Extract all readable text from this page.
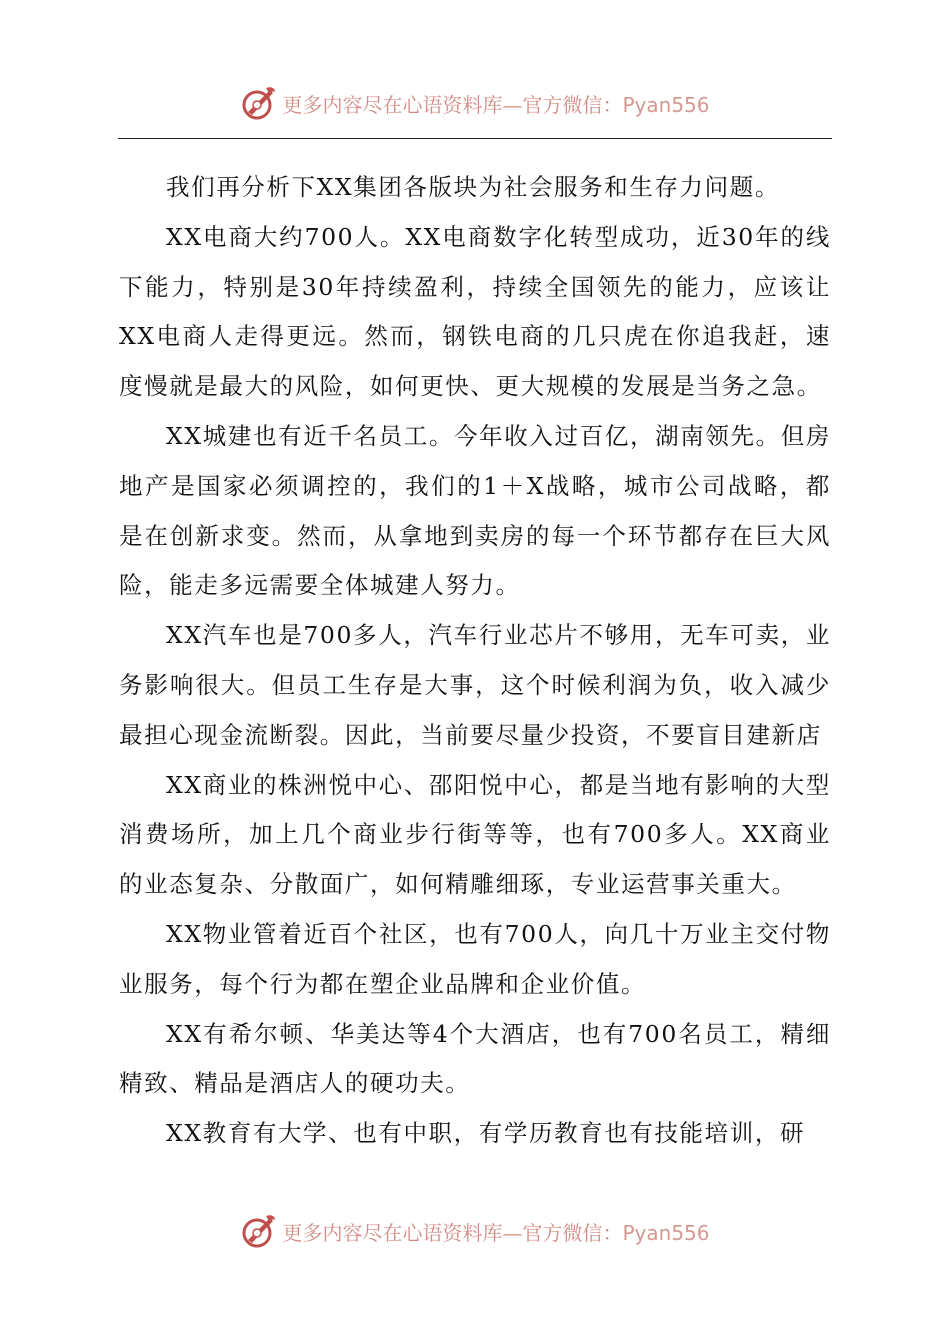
更多内容尽在心语资料库—官方微信：Pyan556

我们再分析下XX集团各版块为社会服务和生存力问题。

XX电商大约700人。XX电商数字化转型成功，近30年的线下能力，特别是30年持续盈利，持续全国领先的能力，应该让XX电商人走得更远。然而，钢铁电商的几只虎在你追我赶，速度慢就是最大的风险，如何更快、更大规模的发展是当务之急。

XX城建也有近千名员工。今年收入过百亿，湖南领先。但房地产是国家必须调控的，我们的1＋X战略，城市公司战略，都是在创新求变。然而，从拿地到卖房的每一个环节都存在巨大风险，能走多远需要全体城建人努力。

XX汽车也是700多人，汽车行业芯片不够用，无车可卖，业务影响很大。但员工生存是大事，这个时候利润为负，收入减少最担心现金流断裂。因此，当前要尽量少投资，不要盲目建新店

XX商业的株洲悦中心、邵阳悦中心，都是当地有影响的大型消费场所，加上几个商业步行街等等，也有700多人。XX商业的业态复杂、分散面广，如何精雕细琢，专业运营事关重大。

XX物业管着近百个社区，也有700人，向几十万业主交付物业服务，每个行为都在塑企业品牌和企业价值。

XX有希尔顿、华美达等4个大酒店，也有700名员工，精细精致、精品是酒店人的硬功夫。

XX教育有大学、也有中职，有学历教育也有技能培训，研

更多内容尽在心语资料库—官方微信：Pyan556
